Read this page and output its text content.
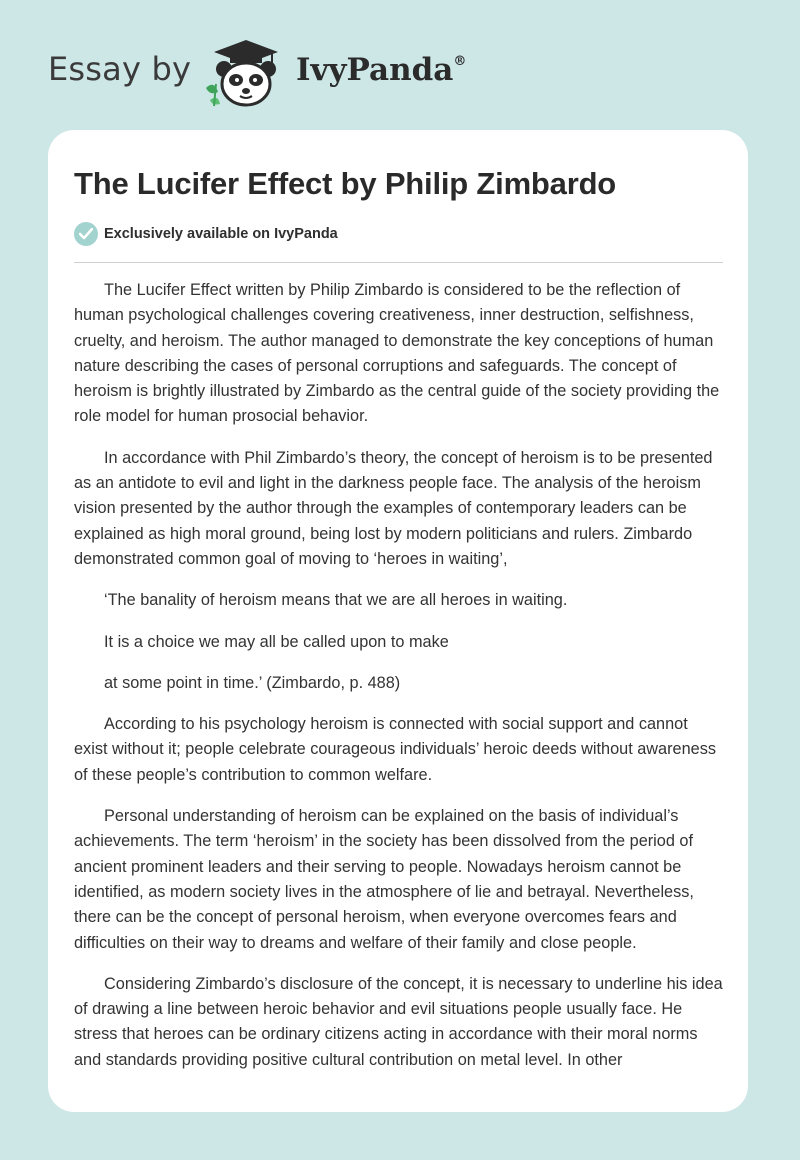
Essay by	IvyPanda®
The Lucifer Effect by Philip Zimbardo
Exclusively available on IvyPanda

The Lucifer Effect written by Philip Zimbardo is considered to be the reflection of human psychological challenges covering creativeness, inner destruction, selfishness, cruelty, and heroism. The author managed to demonstrate the key conceptions of human nature describing the cases of personal corruptions and safeguards. The concept of heroism is brightly illustrated by Zimbardo as the central guide of the society providing the role model for human prosocial behavior.

In accordance with Phil Zimbardo’s theory, the concept of heroism is to be presented as an antidote to evil and light in the darkness people face. The analysis of the heroism vision presented by the author through the examples of contemporary leaders can be explained as high moral ground, being lost by modern politicians and rulers. Zimbardo demonstrated common goal of moving to ‘heroes in waiting’,

‘The banality of heroism means that we are all heroes in waiting.

It is a choice we may all be called upon to make

at some point in time.’ (Zimbardo, p. 488)

According to his psychology heroism is connected with social support and cannot exist without it; people celebrate courageous individuals’ heroic deeds without awareness of these people’s contribution to common welfare.

Personal understanding of heroism can be explained on the basis of individual’s achievements. The term ‘heroism’ in the society has been dissolved from the period of ancient prominent leaders and their serving to people. Nowadays heroism cannot be identified, as modern society lives in the atmosphere of lie and betrayal. Nevertheless, there can be the concept of personal heroism, when everyone overcomes fears and difficulties on their way to dreams and welfare of their family and close people.

Considering Zimbardo’s disclosure of the concept, it is necessary to underline his idea of drawing a line between heroic behavior and evil situations people usually face. He stress that heroes can be ordinary citizens acting in accordance with their moral norms and standards providing positive cultural contribution on metal level. In other
